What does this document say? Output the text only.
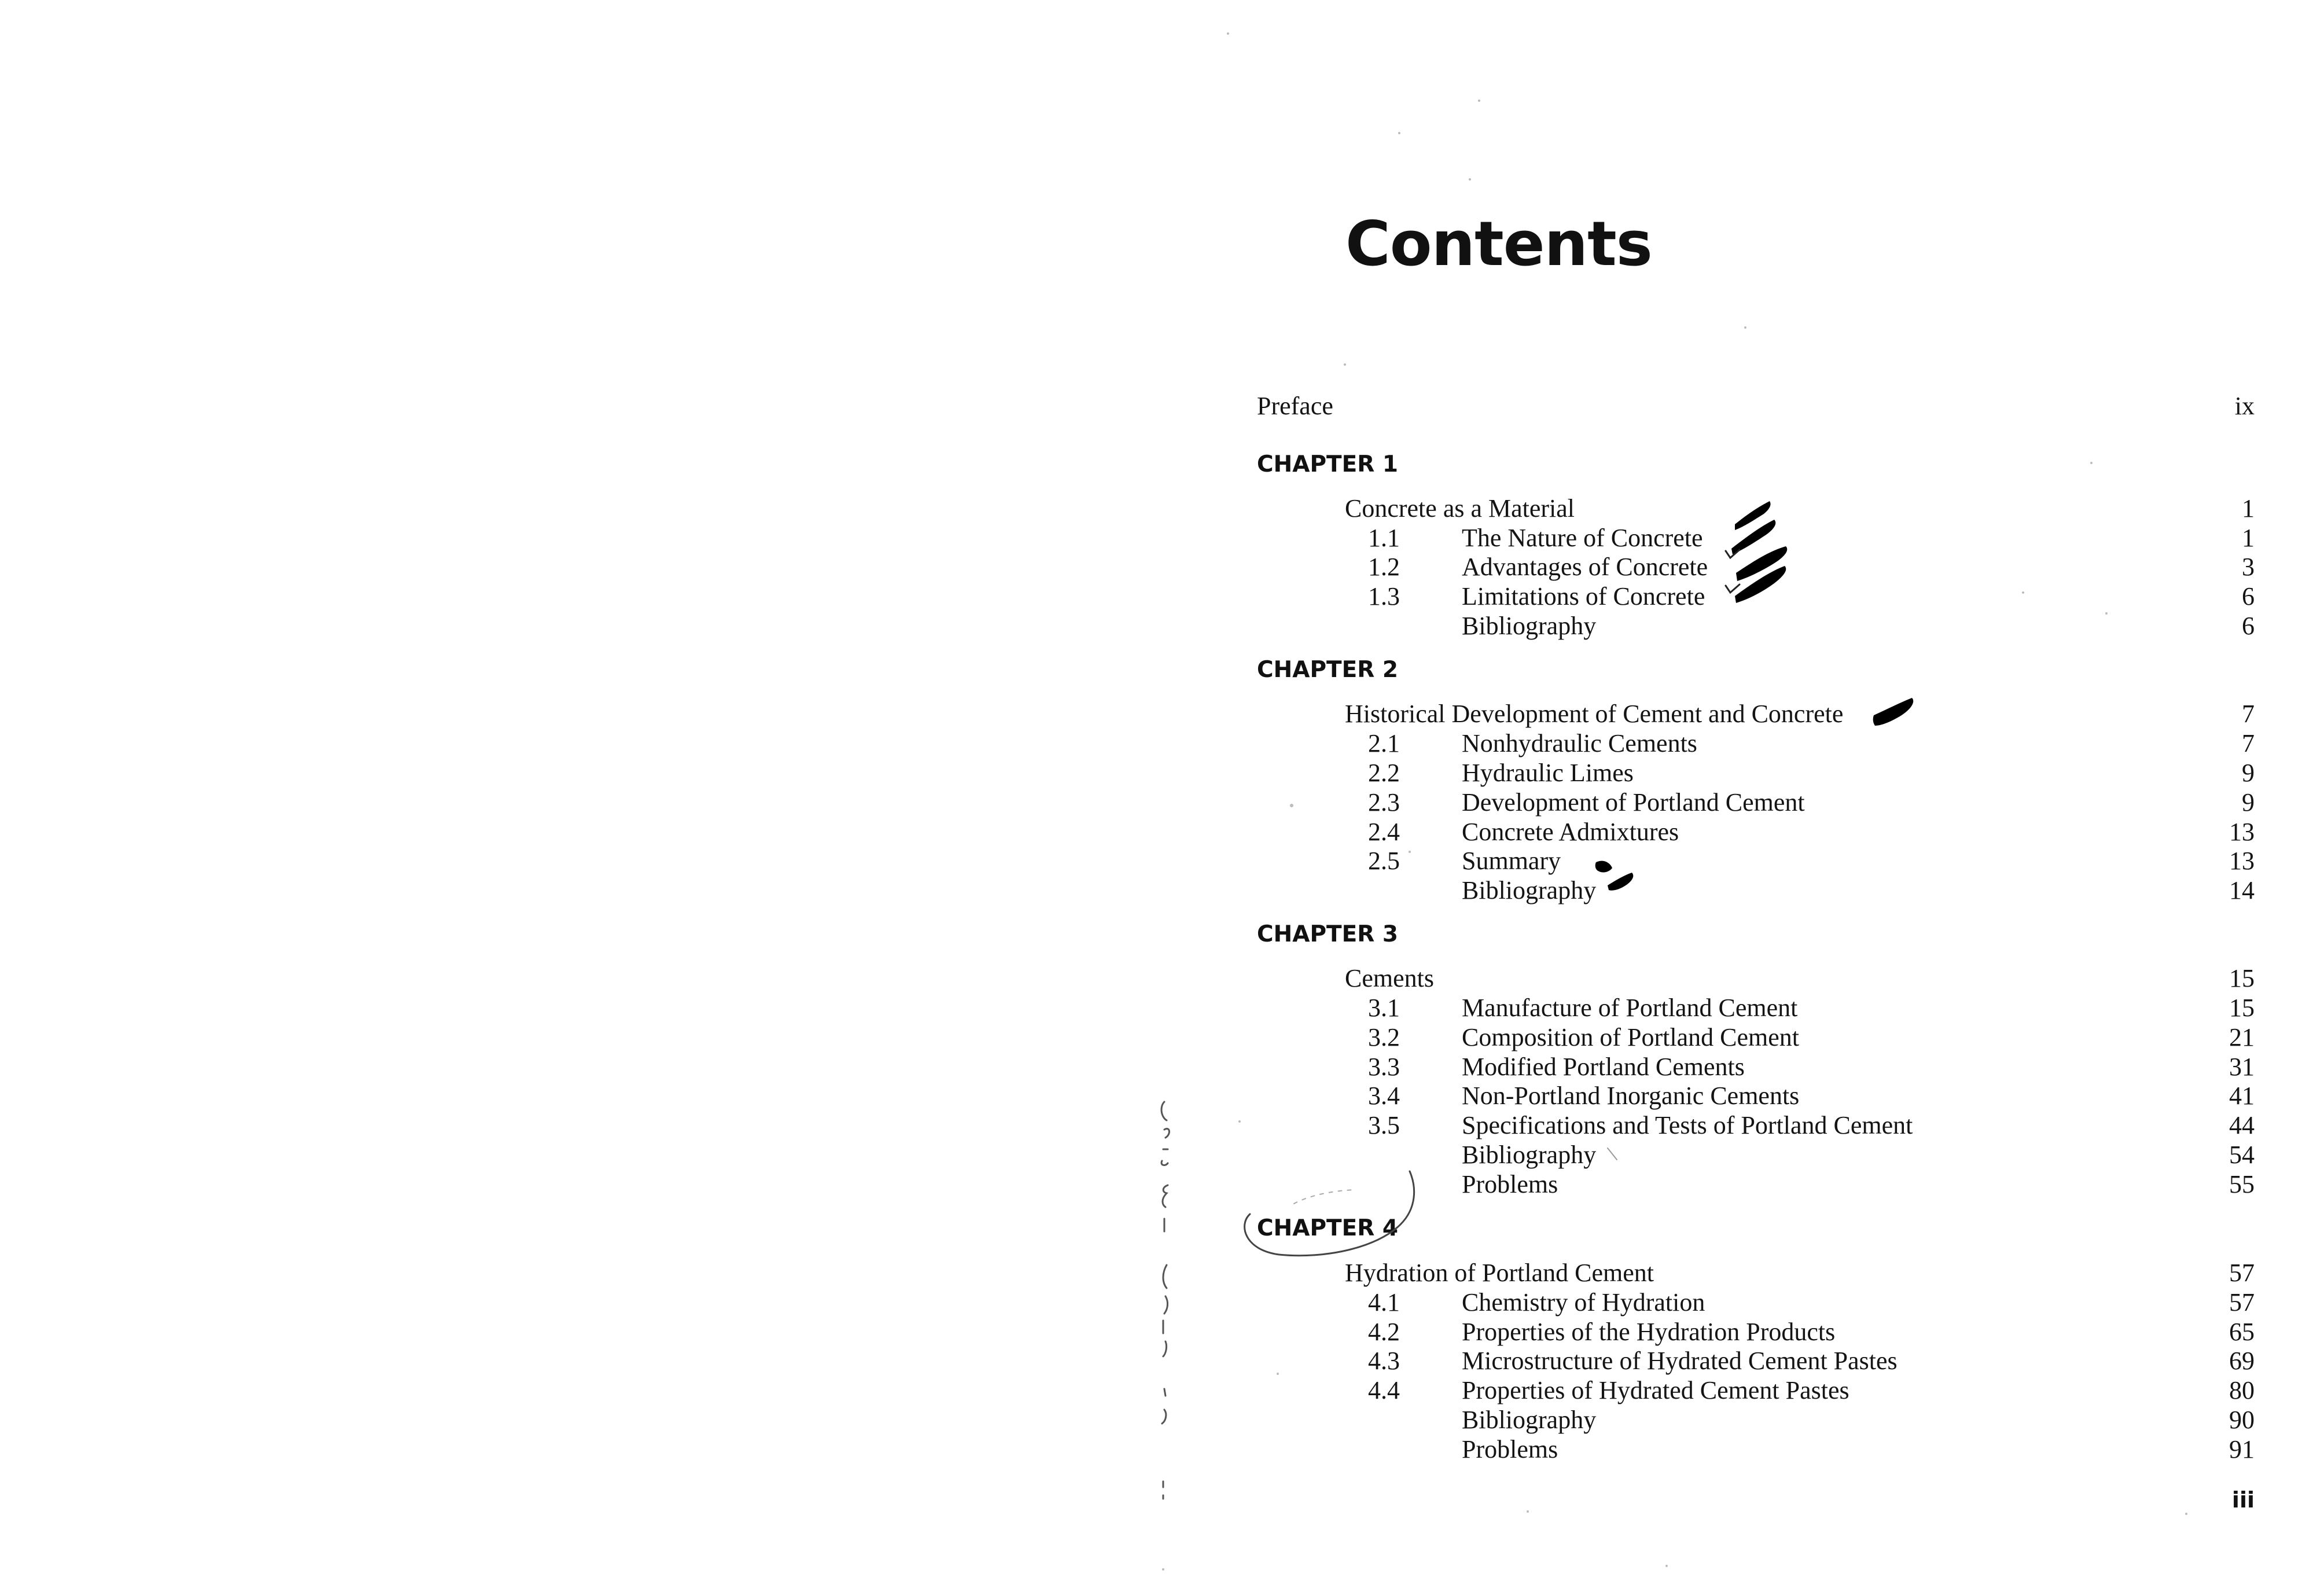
Contents
Preface	ix
CHAPTER 1
Concrete as a Material	1
1.1 The Nature of Concrete	1
1.2 Advantages of Concrete	3
1.3 Limitations of Concrete	6
Bibliography	6
CHAPTER 2
Historical Development of Cement and Concrete	7
2.1 Nonhydraulic Cements	7
2.2 Hydraulic Limes	9
2.3 Development of Portland Cement	9
2.4 Concrete Admixtures	13
2.5 Summary	13
Bibliography	14
CHAPTER 3
Cements	15
3.1 Manufacture of Portland Cement	15
3.2 Composition of Portland Cement	21
3.3 Modified Portland Cements	31
3.4 Non-Portland Inorganic Cements	41
3.5 Specifications and Tests of Portland Cement	44
Bibliography	54
Problems	55
CHAPTER 4
Hydration of Portland Cement	57
4.1 Chemistry of Hydration	57
4.2 Properties of the Hydration Products	65
4.3 Microstructure of Hydrated Cement Pastes	69
4.4 Properties of Hydrated Cement Pastes	80
Bibliography	90
Problems	91
iii
